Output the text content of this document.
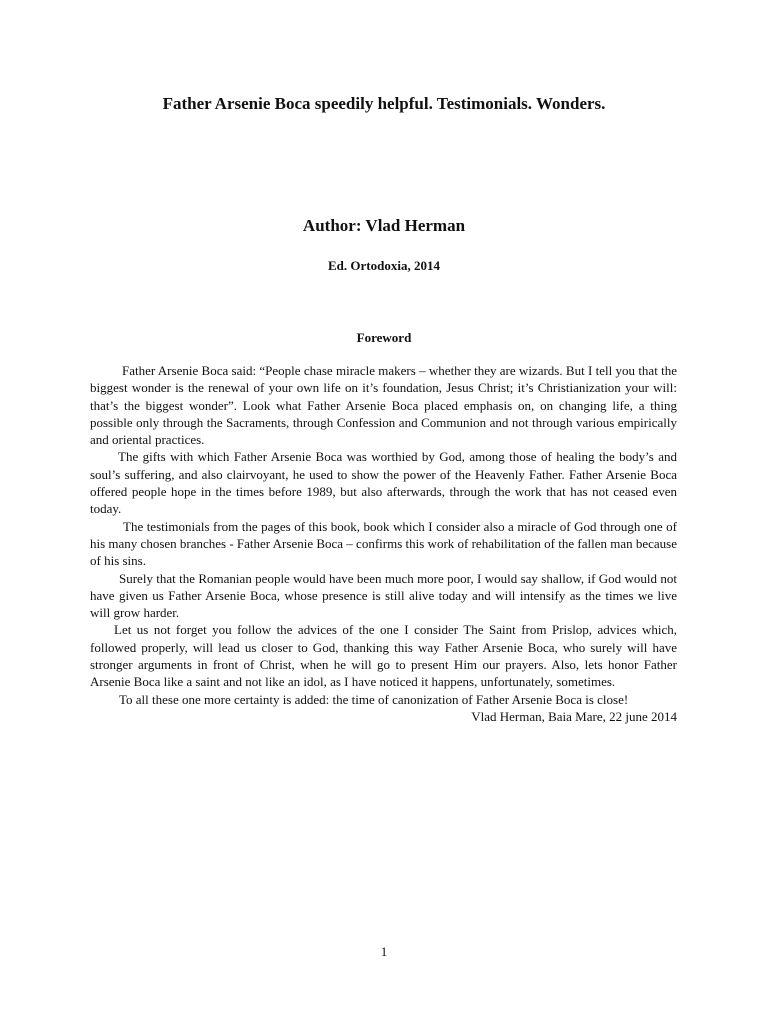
Father Arsenie Boca speedily helpful. Testimonials. Wonders.
Author: Vlad Herman
Ed. Ortodoxia, 2014
Foreword

Father Arsenie Boca said: “People chase miracle makers – whether they are wizards. But I tell you that the biggest wonder is the renewal of your own life on it’s foundation, Jesus Christ; it’s Christianization your will: that’s the biggest wonder”. Look what Father Arsenie Boca placed emphasis on, on changing life, a thing possible only through the Sacraments, through Confession and Communion and not through various empirically and oriental practices.

The gifts with which Father Arsenie Boca was worthied by God, among those of healing the body’s and soul’s suffering, and also clairvoyant, he used to show the power of the Heavenly Father. Father Arsenie Boca offered people hope in the times before 1989, but also afterwards, through the work that has not ceased even today.

The testimonials from the pages of this book, book which I consider also a miracle of God through one of his many chosen branches - Father Arsenie Boca – confirms this work of rehabilitation of the fallen man because of his sins.

Surely that the Romanian people would have been much more poor, I would say shallow, if God would not have given us Father Arsenie Boca, whose presence is still alive today and will intensify as the times we live will grow harder.

Let us not forget you follow the advices of the one I consider The Saint from Prislop, advices which, followed properly, will lead us closer to God, thanking this way Father Arsenie Boca, who surely will have stronger arguments in front of Christ, when he will go to present Him our prayers. Also, lets honor Father Arsenie Boca like a saint and not like an idol, as I have noticed it happens, unfortunately, sometimes.

To all these one more certainty is added: the time of canonization of Father Arsenie Boca is close!

Vlad Herman, Baia Mare, 22 june 2014

1
